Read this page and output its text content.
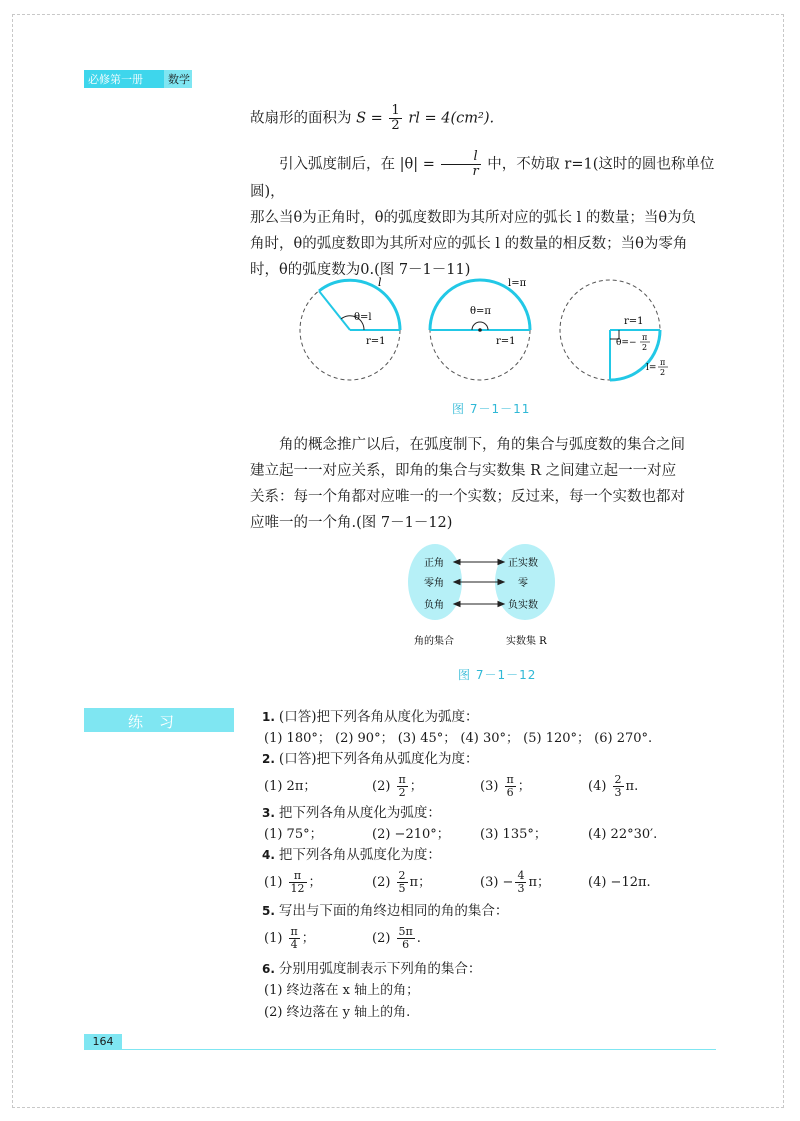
必修第一册 数学
故扇形的面积为 $S = \frac{1}{2}$ rl = 4(cm²).
引入弧度制后，在 $|\theta| = \frac{l}{r}$ 中，不妨取 r=1(这时的圆也称单位圆)，
那么当θ为正角时，θ的弧度数即为其所对应的弧长 l 的数量；当θ为负
角时，θ的弧度数即为其所对应的弧长 l 的数量的相反数；当θ为零角
时，θ的弧度数为0.(图 7－1－11)
l
θ=l
r=1
l=π
θ=π
r=1
r=1
θ=−
π
2
l=
π
2
图 7－1－11
角的概念推广以后，在弧度制下，角的集合与弧度数的集合之间
建立起一一对应关系，即角的集合与实数集 R 之间建立起一一对应
关系：每一个角都对应唯一的一个实数；反过来，每一个实数也都对
应唯一的一个角.(图 7－1－12)
正角
零角
负角
正实数
零
负实数
角的集合	实数集 R
图 7－1－12
练习	1. (口答)把下列各角从度化为弧度：
(1) 180°； (2) 90°； (3) 45°； (4) 30°； (5) 120°； (6) 270°.
2. (口答)把下列各角从弧度化为度：
(1) 2π；	$(2) \frac{\pi}{2}$ ；	$(3) \frac{\pi}{6}$ ；	$(4) \frac{2}{3} \pi$.
3. 把下列各角从度化为弧度：
(1) 75°；	(2) −210°；	(3) 135°；	(4) 22°30′.
4. 把下列各角从弧度化为度：
$(1) \frac{\pi}{12}$ ；	$(2) \frac{2}{5}$ π；	$(3) - \frac{4}{3}$ π；	(4) −12π.
5. 写出与下面的角终边相同的角的集合：
$(1) \frac{\pi}{4}$ ；	$(2) \frac{5\pi}{6}$ .
6. 分别用弧度制表示下列角的集合：
(1) 终边落在 x 轴上的角；
(2) 终边落在 y 轴上的角.
164
